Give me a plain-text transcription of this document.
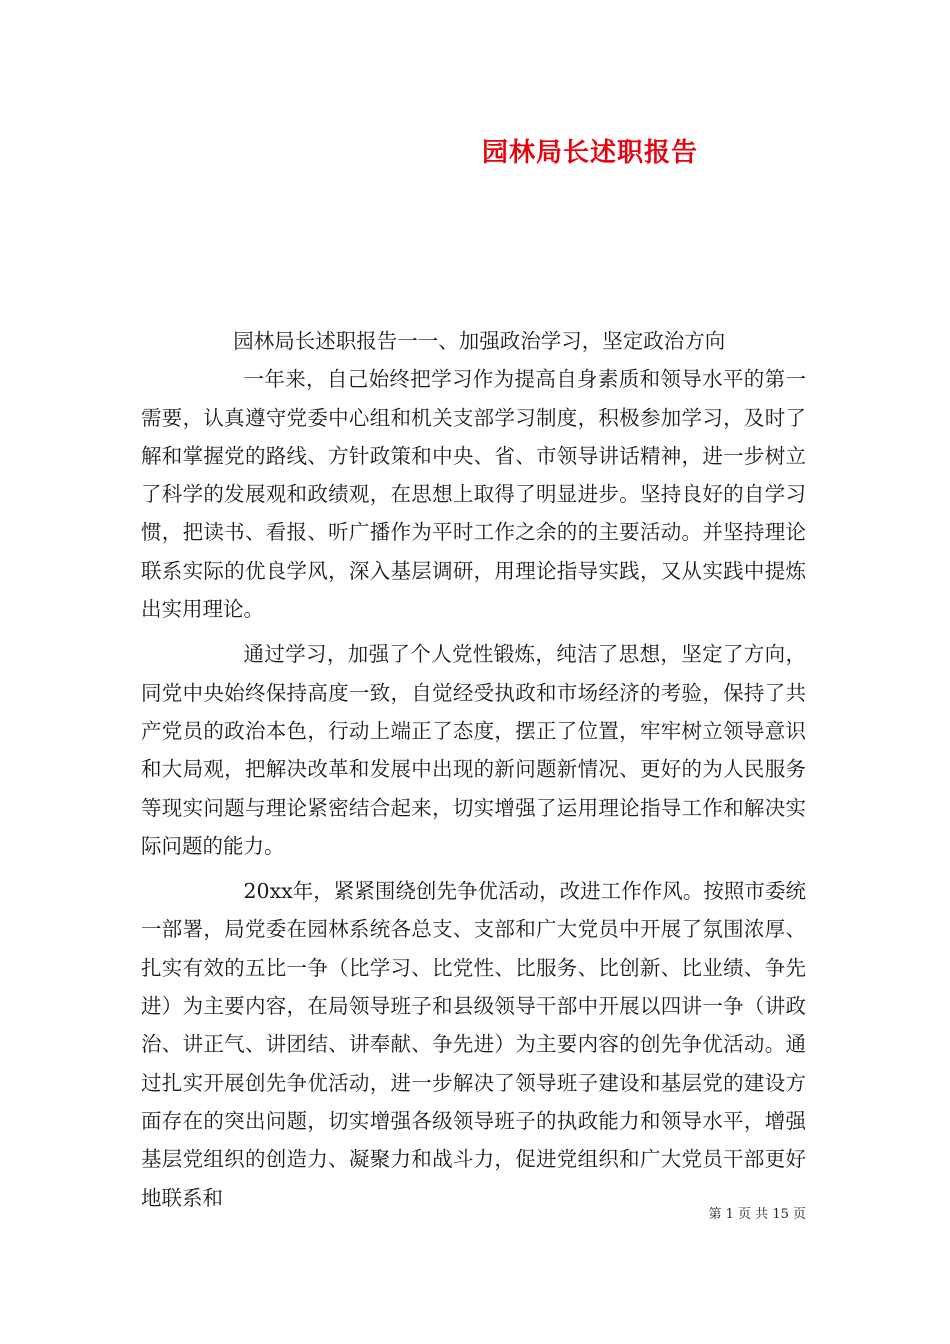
园林局长述职报告

园林局长述职报告一一、加强政治学习，坚定政治方向

一年来，自己始终把学习作为提高自身素质和领导水平的第一需要，认真遵守党委中心组和机关支部学习制度，积极参加学习，及时了解和掌握党的路线、方针政策和中央、省、市领导讲话精神，进一步树立了科学的发展观和政绩观，在思想上取得了明显进步。坚持良好的自学习惯，把读书、看报、听广播作为平时工作之余的的主要活动。并坚持理论联系实际的优良学风，深入基层调研，用理论指导实践，又从实践中提炼出实用理论。

通过学习，加强了个人党性锻炼，纯洁了思想，坚定了方向，同党中央始终保持高度一致，自觉经受执政和市场经济的考验，保持了共产党员的政治本色，行动上端正了态度，摆正了位置，牢牢树立领导意识和大局观，把解决改革和发展中出现的新问题新情况、更好的为人民服务等现实问题与理论紧密结合起来，切实增强了运用理论指导工作和解决实际问题的能力。

20xx年，紧紧围绕创先争优活动，改进工作作风。按照市委统一部署，局党委在园林系统各总支、支部和广大党员中开展了氛围浓厚、扎实有效的五比一争（比学习、比党性、比服务、比创新、比业绩、争先进）为主要内容，在局领导班子和县级领导干部中开展以四讲一争（讲政治、讲正气、讲团结、讲奉献、争先进）为主要内容的创先争优活动。通过扎实开展创先争优活动，进一步解决了领导班子建设和基层党的建设方面存在的突出问题，切实增强各级领导班子的执政能力和领导水平，增强基层党组织的创造力、凝聚力和战斗力，促进党组织和广大党员干部更好地联系和

第 1 页 共 15 页
